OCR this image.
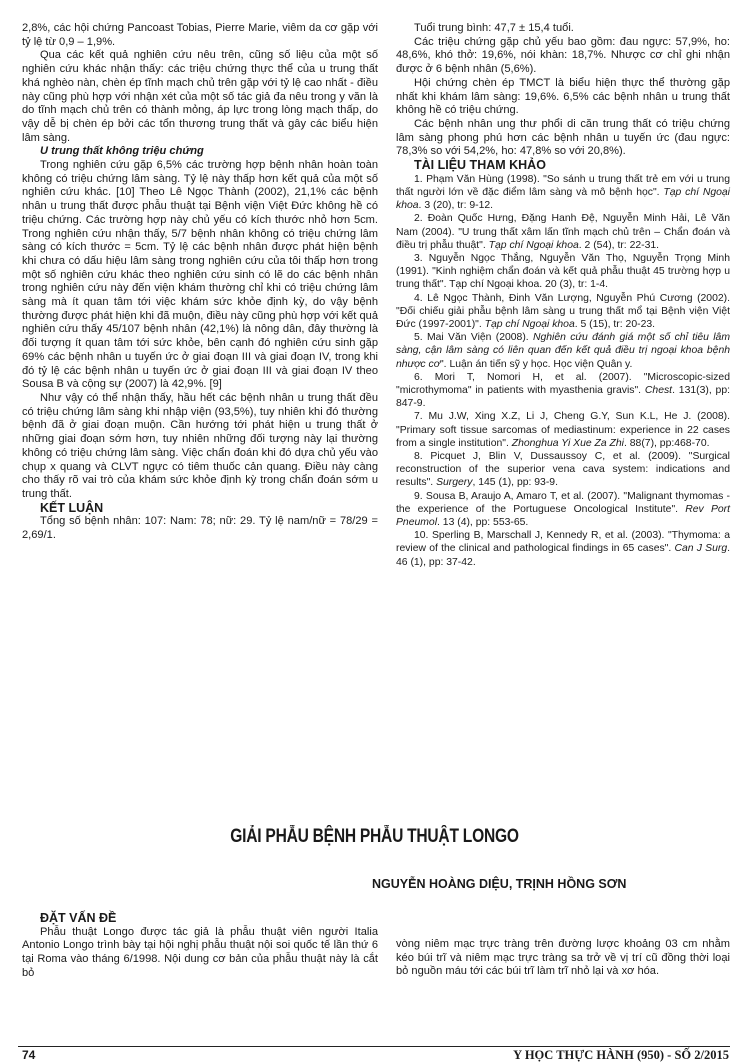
2,8%, các hội chứng Pancoast Tobias, Pierre Marie, viêm da cơ gặp với tỷ lệ từ 0,9 – 1,9%.

Qua các kết quả nghiên cứu nêu trên, cũng số liệu của một số nghiên cứu khác nhận thấy: các triệu chứng thực thể của u trung thất khá nghèo nàn, chèn ép tĩnh mạch chủ trên gặp với tỷ lệ cao nhất - điều này cũng phù hợp với nhận xét của một số tác giả đa nêu trong y văn là do tĩnh mạch chủ trên có thành mỏng, áp lực trong lòng mạch thấp, do vậy dễ bị chèn ép bởi các tổn thương trung thất và gây các biểu hiện lâm sàng.

U trung thất không triệu chứng

Trong nghiên cứu gặp 6,5% các trường hợp bệnh nhân hoàn toàn không có triệu chứng lâm sàng. Tỷ lệ này thấp hơn kết quả của một số nghiên cứu khác. [10] Theo Lê Ngọc Thành (2002), 21,1% các bệnh nhân u trung thất được phẫu thuật tại Bệnh viện Việt Đức không hề có triệu chứng. Các trường hợp này chủ yếu có kích thước nhỏ hơn 5cm. Trong nghiên cứu nhận thấy, 5/7 bệnh nhân không có triệu chứng lâm sàng có kích thước = 5cm. Tỷ lệ các bệnh nhân được phát hiện bệnh khi chưa có dấu hiệu lâm sàng trong nghiên cứu của tôi thấp hơn trong một số nghiên cứu khác theo nghiên cứu sinh có lẽ do các bệnh nhân trong nghiên cứu này đến viện khám thường chỉ khi có triệu chứng lâm sàng mà ít quan tâm tới việc khám sức khỏe định kỳ, do vậy bệnh thường được phát hiện khi đã muộn, điều này cũng phù hợp với kết quả nghiên cứu thấy 45/107 bệnh nhân (42,1%) là nông dân, đây thường là đối tượng ít quan tâm tới sức khỏe, bên cạnh đó nghiên cứu sinh gặp 69% các bệnh nhân u tuyến ức ở giai đoạn III và giai đoạn IV, trong khi đó tỷ lệ các bệnh nhân u tuyến ức ở giai đoạn III và giai đoạn IV theo Sousa B và cộng sự (2007) là 42,9%. [9]

Như vậy có thể nhận thấy, hầu hết các bệnh nhân u trung thất đều có triệu chứng lâm sàng khi nhập viện (93,5%), tuy nhiên khi đó thường bệnh đã ở giai đoạn muộn. Cần hướng tới phát hiện u trung thất ở những giai đoạn sớm hơn, tuy nhiên những đối tượng này lại thường không có triệu chứng lâm sàng. Việc chẩn đoán khi đó dựa chủ yếu vào chụp x quang và CLVT ngực có tiêm thuốc cản quang. Điều này càng cho thấy rõ vai trò của khám sức khỏe định kỳ trong chẩn đoán sớm u trung thất.

KẾT LUẬN

Tổng số bệnh nhân: 107: Nam: 78; nữ: 29. Tỷ lệ nam/nữ = 78/29 = 2,69/1.

Tuổi trung bình: 47,7 ± 15,4 tuổi.

Các triệu chứng gặp chủ yếu bao gồm: đau ngực: 57,9%, ho: 48,6%, khó thở: 19,6%, nói khàn: 18,7%. Nhược cơ chỉ ghi nhận được ở 6 bệnh nhân (5,6%).

Hội chứng chèn ép TMCT là biểu hiện thực thể thường gặp nhất khi khám lâm sàng: 19,6%. 6,5% các bệnh nhân u trung thất không hề có triệu chứng.

Các bệnh nhân ung thư phổi di căn trung thất có triệu chứng lâm sàng phong phú hơn các bệnh nhân u tuyến ức (đau ngực: 78,3% so với 54,2%, ho: 47,8% so với 20,8%).

TÀI LIỆU THAM KHẢO

1. Phạm Văn Hùng (1998). "So sánh u trung thất trẻ em với u trung thất người lớn về đặc điểm lâm sàng và mô bệnh học". Tạp chí Ngoại khoa. 3 (20), tr: 9-12.

2. Đoàn Quốc Hưng, Đặng Hanh Đệ, Nguyễn Minh Hải, Lê Văn Nam (2004). "U trung thất xâm lấn tĩnh mạch chủ trên – Chẩn đoán và điều trị phẫu thuật". Tạp chí Ngoại khoa. 2 (54), tr: 22-31.

3. Nguyễn Ngọc Thắng, Nguyễn Văn Thọ, Nguyễn Trọng Minh (1991). "Kinh nghiệm chẩn đoán và kết quả phẫu thuật 45 trường hợp u trung thất". Tạp chí Ngoại khoa. 20 (3), tr: 1-4.

4. Lê Ngọc Thành, Đinh Văn Lượng, Nguyễn Phú Cương (2002). "Đối chiếu giải phẫu bệnh lâm sàng u trung thất mổ tại Bệnh viện Việt Đức (1997-2001)". Tạp chí Ngoại khoa. 5 (15), tr: 20-23.

5. Mai Văn Viện (2008). Nghiên cứu đánh giá một số chỉ tiêu lâm sàng, cận lâm sàng có liên quan đến kết quả điều trị ngoại khoa bệnh nhược cơ". Luận án tiến sỹ y học. Học viện Quân y.

6. Mori T, Nomori H, et al. (2007). "Microscopic-sized "microthymoma" in patients with myasthenia gravis". Chest. 131(3), pp: 847-9.

7. Mu J.W, Xing X.Z, Li J, Cheng G.Y, Sun K.L, He J. (2008). "Primary soft tissue sarcomas of mediastinum: experience in 22 cases from a single institution". Zhonghua Yi Xue Za Zhi. 88(7), pp:468-70.

8. Picquet J, Blin V, Dussaussoy C, et al. (2009). "Surgical reconstruction of the superior vena cava system: indications and results". Surgery, 145 (1), pp: 93-9.

9. Sousa B, Araujo A, Amaro T, et al. (2007). "Malignant thymomas - the experience of the Portuguese Oncological Institute". Rev Port Pneumol. 13 (4), pp: 553-65.

10. Sperling B, Marschall J, Kennedy R, et al. (2003). "Thymoma: a review of the clinical and pathological findings in 65 cases". Can J Surg. 46 (1), pp: 37-42.

GIẢI PHẪU BỆNH PHẪU THUẬT LONGO
NGUYỄN HOÀNG DIỆU, TRỊNH HỒNG SƠN

ĐẶT VẤN ĐỀ

Phẫu thuật Longo được tác giả là phẫu thuật viên người Italia Antonio Longo trình bày tại hội nghị phẫu thuật nội soi quốc tế lần thứ 6 tại Roma vào tháng 6/1998. Nội dung cơ bản của phẫu thuật này là cắt bỏ

vòng niêm mạc trực tràng trên đường lược khoảng 03 cm nhằm kéo búi trĩ và niêm mạc trực tràng sa trở về vị trí cũ đồng thời loại bỏ nguồn máu tới các búi trĩ làm trĩ nhỏ lại và xơ hóa.

74	Y HỌC THỰC HÀNH (950) - SỐ 2/2015
